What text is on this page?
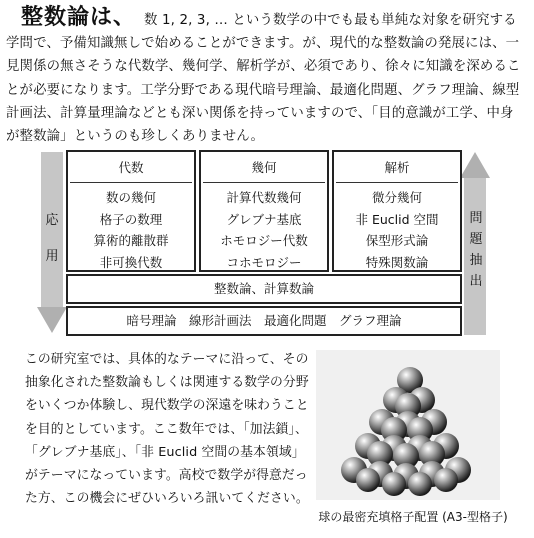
整数論は、 数 1, 2, 3, … という数学の中でも最も単純な対象を研究する学問で、予備知識無しで始めることができます。が、現代的な整数論の発展には、一見関係の無さそうな代数学、幾何学、解析学が、必須であり、徐々に知識を深めることが必要になります。工学分野である現代暗号理論、最適化問題、グラフ理論、線型計画法、計算量理論などとも深い関係を持っていますので、「目的意識が工学、中身が整数論」というのも珍しくありません。
応
用
問
題
抽
出
代数
数の幾何
格子の数理
算術的離散群
非可換代数
幾何
計算代数幾何
グレブナ基底
ホモロジー代数
コホモロジー
解析
微分幾何
非 Euclid 空間
保型形式論
特殊関数論
整数論、計算数論
暗号理論　線形計画法　最適化問題　グラフ理論
この研究室では、具体的なテーマに沿って、その抽象化された整数論もしくは関連する数学の分野をいくつか体験し、現代数学の深遠を味わうことを目的としています。ここ数年では、「加法鎖」、「グレブナ基底」、「非 Euclid 空間の基本領域」がテーマになっています。高校で数学が得意だった方、この機会にぜひいろいろ訊いてください。
球の最密充填格子配置 (A3-型格子)
